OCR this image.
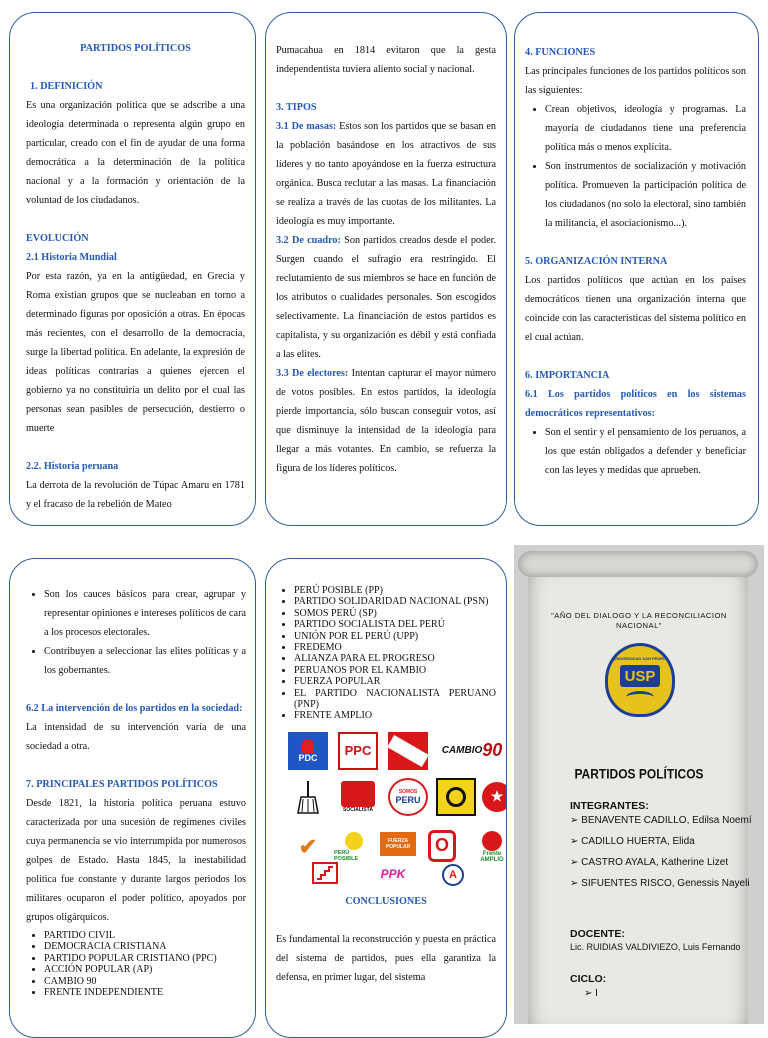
PARTIDOS POLÍTICOS

1. DEFINICIÓN

Es una organización política que se adscribe a una ideología determinada o representa algún grupo en particular, creado con el fin de ayudar de una forma democrática a la determinación de la política nacional y a la formación y orientación de la voluntad de los ciudadanos.

EVOLUCIÓN

2.1 Historia Mundial

Por esta razón, ya en la antigüedad, en Grecia y Roma existían grupos que se nucleaban en torno a determinado figuras por oposición a otras. En épocas más recientes, con el desarrollo de la democracia, surge la libertad política. En adelante, la expresión de ideas políticas contrarias a quienes ejercen el gobierno ya no constituiría un delito por el cual las personas sean pasibles de persecución, destierro o muerte

2.2. Historia peruana

La derrota de la revolución de Túpac Amaru en 1781 y el fracaso de la rebelión de Mateo

Pumacahua en 1814 evitaron que la gesta independentista tuviera aliento social y nacional.

3. TIPOS

3.1 De masas: Estos son los partidos que se basan en la población basándose en los atractivos de sus líderes y no tanto apoyándose en la fuerza estructura orgánica. Busca reclutar a las masas. La financiación se realiza a través de las cuotas de los militantes. La ideología es muy importante.

3.2 De cuadro: Son partidos creados desde el poder. Surgen cuando el sufragio era restringido. El reclutamiento de sus miembros se hace en función de los atributos o cualidades personales. Son escogidos selectivamente. La financiación de estos partidos es capitalista, y su organización es débil y está confiada a las elites.

3.3 De electores: Intentan capturar el mayor número de votos posibles. En estos partidos, la ideología pierde importancia, sólo buscan conseguir votos, así que disminuye la intensidad de la ideología para llegar a más votantes. En cambio, se refuerza la figura de los líderes políticos.

4. FUNCIONES

Las principales funciones de los partidos políticos son las siguientes:

• Crean objetivos, ideología y programas. La mayoría de ciudadanos tiene una preferencia política más o menos explícita.
• Son instrumentos de socialización y motivación política. Promueven la participación política de los ciudadanos (no solo la electoral, sino también la militancia, el asociacionismo...).

5. ORGANIZACIÓN INTERNA

Los partidos políticos que actúan en los países democráticos tienen una organización interna que coincide con las características del sistema político en el cual actúan.

6. IMPORTANCIA

6.1 Los partidos políticos en los sistemas democráticos representativos:

• Son el sentir y el pensamiento de los peruanos, a los que están obligados a defender y beneficiar con las leyes y medidas que aprueben.
• Son los cauces básicos para crear, agrupar y representar opiniones e intereses políticos de cara a los procesos electorales.
• Contribuyen a seleccionar las elites políticas y a los gobernantes.

6.2 La intervención de los partidos en la sociedad:

La intensidad de su intervención varía de una sociedad a otra.

7. PRINCIPALES PARTIDOS POLÍTICOS

Desde 1821, la historia política peruana estuvo caracterizada por una sucesión de regímenes civiles cuya permanencia se vio interrumpida por numerosos golpes de Estado. Hasta 1845, la inestabilidad política fue constante y durante largos periodos los militares ocuparon el poder político, apoyados por grupos oligárquicos.

• PARTIDO CIVIL
• DEMOCRACIA CRISTIANA
• PARTIDO POPULAR CRISTIANO (PPC)
• ACCIÓN POPULAR (AP)
• CAMBIO 90
• FRENTE INDEPENDIENTE
• PERÚ POSIBLE (PP)
• PARTIDO SOLIDARIDAD NACIONAL (PSN)
• SOMOS PERÚ (SP)
• PARTIDO SOCIALISTA DEL PERÚ
• UNIÓN POR EL PERÚ (UPP)
• FREDEMO
• ALIANZA PARA EL PROGRESO
• PERUANOS POR EL KAMBIO
• FUERZA POPULAR
• EL PARTIDO NACIONALISTA PERUANO (PNP)
• FRENTE AMPLIO
PDC PPC	CAMBIO 90
SOCIALISTA
SOMOS
PERU	★
✔	PERÚ POSIBLE
FUERZA POPULAR	O	Frente AMPLIO
PPK	A

CONCLUSIONES

Es fundamental la reconstrucción y puesta en práctica del sistema de partidos, pues ella garantiza la defensa, en primer lugar, del sistema

"AÑO DEL DIALOGO Y LA RECONCILIACION NACIONAL"
UNIVERSIDAD SAN PEDRO
USP
PARTIDOS POLÍTICOS
INTEGRANTES:
➢ BENAVENTE CADILLO, Edilsa Noemí
➢ CADILLO HUERTA, Elida
➢ CASTRO AYALA, Katherine Lizet
➢ SIFUENTES RISCO, Genessis Nayeli
DOCENTE:
Lic. RUIDIAS VALDIVIEZO, Luis Fernando
CICLO:
➢ I
